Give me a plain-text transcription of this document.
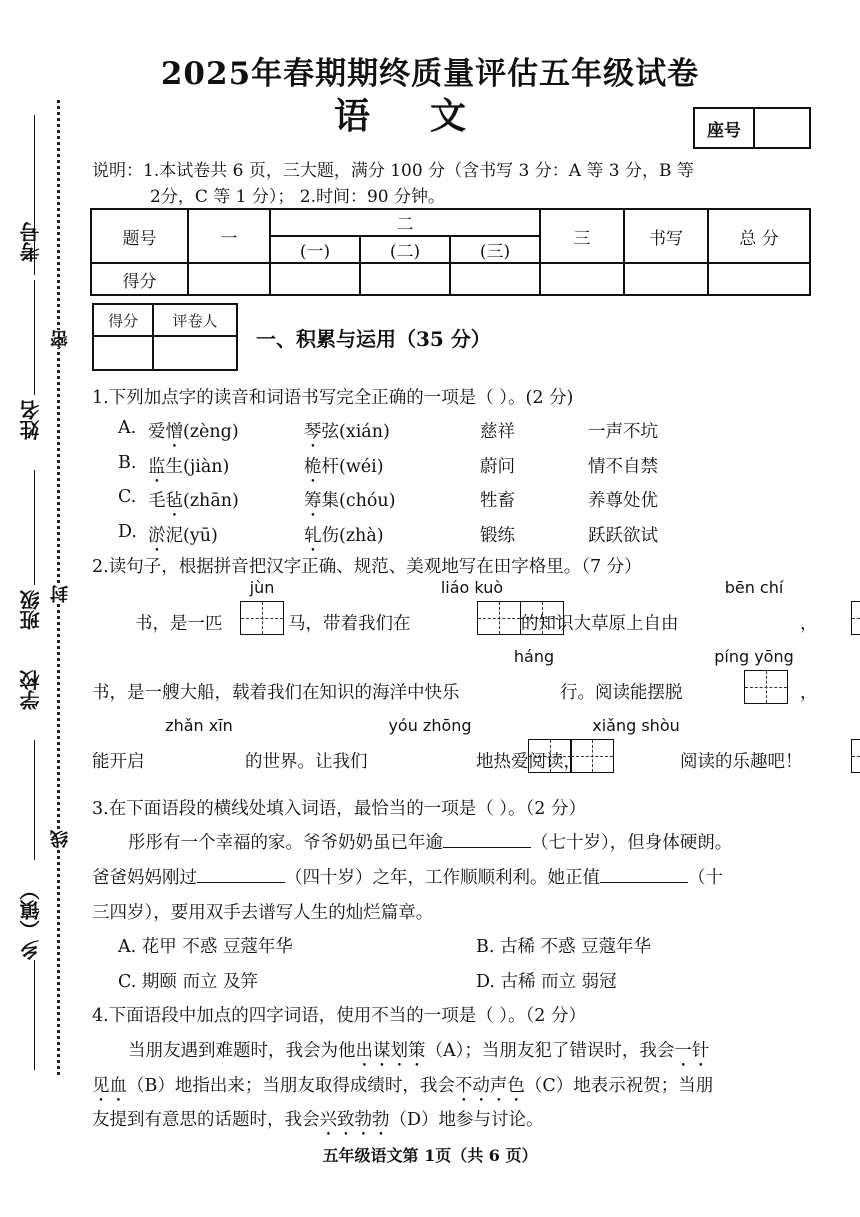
考号
姓名
班级
学校
乡（镇）
密
封
线
2025年春期期终质量评估五年级试卷
语文	座号
说明：1.本试卷共 6 页，三大题，满分 100 分（含书写 3 分：A 等 3 分，B 等
2分，C 等 1 分）； 2.时间：90 分钟。
题号	一	二			三	书写	总 分
		(一)	(二)	(三)			
得分							
得分	评卷人

一、积累与运用（35 分）
1.下列加点字的读音和词语书写完全正确的一项是（ ）。(2 分)
A. 爱憎(zèng)	琴弦(xián)	慈祥	一声不坑
B. 监生(jiàn)	桅杆(wéi)	蔚问	情不自禁
C. 毛毡(zhān)	筹集(chóu)	牲畜	养尊处优
D. 淤泥(yū)	轧伤(zhà)	锻练	跃跃欲试
2.读句子，根据拼音把汉字正确、规范、美观地写在田字格里。（7 分）
书，是一匹
jùn

马，带着我们在
liáo kuò

的知识大草原上自由
bēn chí

，
书，是一艘大船，载着我们在知识的海洋中快乐
háng

行。阅读能摆脱
píng yōng

，
能开启
zhǎn xīn

的世界。让我们
yóu zhōng

地热爱阅读，
xiǎng shòu
阅读的乐趣吧！
3.在下面语段的横线处填入词语，最恰当的一项是（ ）。（2 分）
彤彤有一个幸福的家。爷爷奶奶虽已年逾	（七十岁），但身体硬朗。
爸爸妈妈刚过	（四十岁）之年，工作顺顺利利。她正值	（十
三四岁），要用双手去谱写人生的灿烂篇章。
A. 花甲 不惑 豆蔻年华	B. 古稀 不惑 豆蔻年华
C. 期颐 而立 及笄	D. 古稀 而立 弱冠
4.下面语段中加点的四字词语，使用不当的一项是（ ）。（2 分）
当朋友遇到难题时，我会为他出谋划策（A）；当朋友犯了错误时，我会一针
见血（B）地指出来；当朋友取得成绩时，我会不动声色（C）地表示祝贺；当朋
友提到有意思的话题时，我会兴致勃勃（D）地参与讨论。
五年级语文第 1页（共 6 页）
